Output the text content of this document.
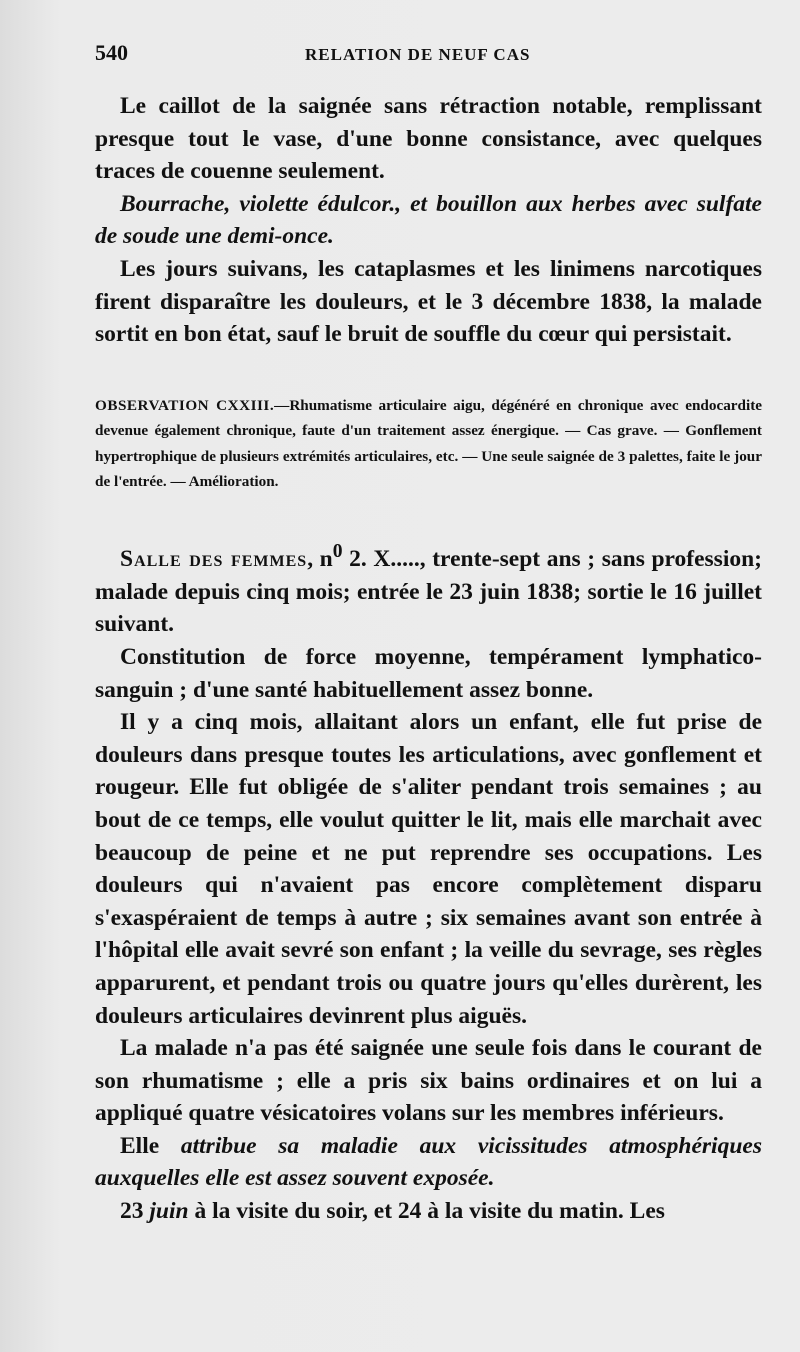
540	RELATION DE NEUF CAS

Le caillot de la saignée sans rétraction notable, remplissant presque tout le vase, d'une bonne consistance, avec quelques traces de couenne seulement.

Bourrache, violette édulcor., et bouillon aux herbes avec sulfate de soude une demi-once.

Les jours suivans, les cataplasmes et les linimens narcotiques firent disparaître les douleurs, et le 3 décembre 1838, la malade sortit en bon état, sauf le bruit de souffle du cœur qui persistait.

OBSERVATION CXXIII.—Rhumatisme articulaire aigu, dégénéré en chronique avec endocardite devenue également chronique, faute d'un traitement assez énergique. — Cas grave. — Gonflement hypertrophique de plusieurs extrémités articulaires, etc. — Une seule saignée de 3 palettes, faite le jour de l'entrée. — Amélioration.

Salle des femmes, $n^0$ 2. X....., trente-sept ans ; sans profession; malade depuis cinq mois; entrée le 23 juin 1838; sortie le 16 juillet suivant.

Constitution de force moyenne, tempérament lymphatico-sanguin ; d'une santé habituellement assez bonne.

Il y a cinq mois, allaitant alors un enfant, elle fut prise de douleurs dans presque toutes les articulations, avec gonflement et rougeur. Elle fut obligée de s'aliter pendant trois semaines ; au bout de ce temps, elle voulut quitter le lit, mais elle marchait avec beaucoup de peine et ne put reprendre ses occupations. Les douleurs qui n'avaient pas encore complètement disparu s'exaspéraient de temps à autre ; six semaines avant son entrée à l'hôpital elle avait sevré son enfant ; la veille du sevrage, ses règles apparurent, et pendant trois ou quatre jours qu'elles durèrent, les douleurs articulaires devinrent plus aiguës.

La malade n'a pas été saignée une seule fois dans le courant de son rhumatisme ; elle a pris six bains ordinaires et on lui a appliqué quatre vésicatoires volans sur les membres inférieurs.

Elle attribue sa maladie aux vicissitudes atmosphériques auxquelles elle est assez souvent exposée.

23 juin à la visite du soir, et 24 à la visite du matin. Les
